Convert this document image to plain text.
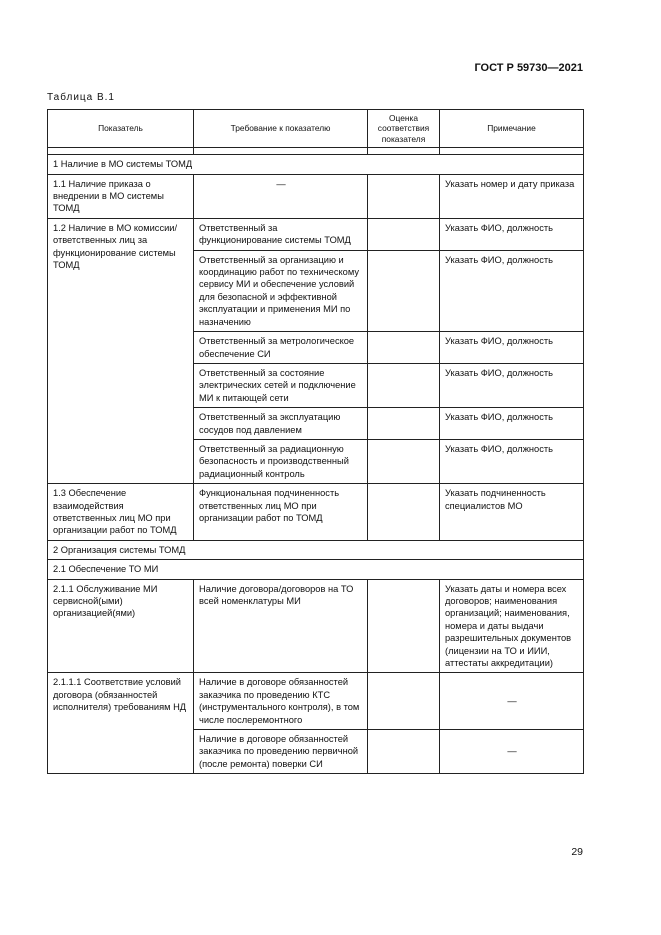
ГОСТ Р 59730—2021
Таблица В.1
Показатель	Требование к показателю	Оценка соответствия показателя	Примечание

1 Наличие в МО системы ТОМД			
1.1 Наличие приказа о внедрении в МО системы ТОМД	—		Указать номер и дату приказа
1.2 Наличие в МО комиссии/ответственных лиц за функционирование системы ТОМД	Ответственный за функционирование системы ТОМД		Указать ФИО, должность
	Ответственный за организацию и координацию работ по техническому сервису МИ и обеспечение условий для безопасной и эффективной эксплуатации и применения МИ по назначению		Указать ФИО, должность
	Ответственный за метрологическое обеспечение СИ		Указать ФИО, должность
	Ответственный за состояние электрических сетей и подключение МИ к питающей сети		Указать ФИО, должность
	Ответственный за эксплуатацию сосудов под давлением		Указать ФИО, должность
	Ответственный за радиационную безопасность и производственный радиационный контроль		Указать ФИО, должность
1.3 Обеспечение взаимодействия ответственных лиц МО при организации работ по ТОМД	Функциональная подчиненность ответственных лиц МО при организации работ по ТОМД		Указать подчиненность специалистов МО
2 Организация системы ТОМД			
2.1 Обеспечение ТО МИ			
2.1.1 Обслуживание МИ сервисной(ыми) организацией(ями)	Наличие договора/договоров на ТО всей номенклатуры МИ		Указать даты и номера всех договоров; наименования организаций; наименования, номера и даты выдачи разрешительных документов (лицензии на ТО и ИИИ, аттестаты аккредитации)
2.1.1.1 Соответствие условий договора (обязанностей исполнителя) требованиям НД	Наличие в договоре обязанностей заказчика по проведению КТС (инструментального контроля), в том числе послеремонтного		—
	Наличие в договоре обязанностей заказчика по проведению первичной (после ремонта) поверки СИ		—
29
